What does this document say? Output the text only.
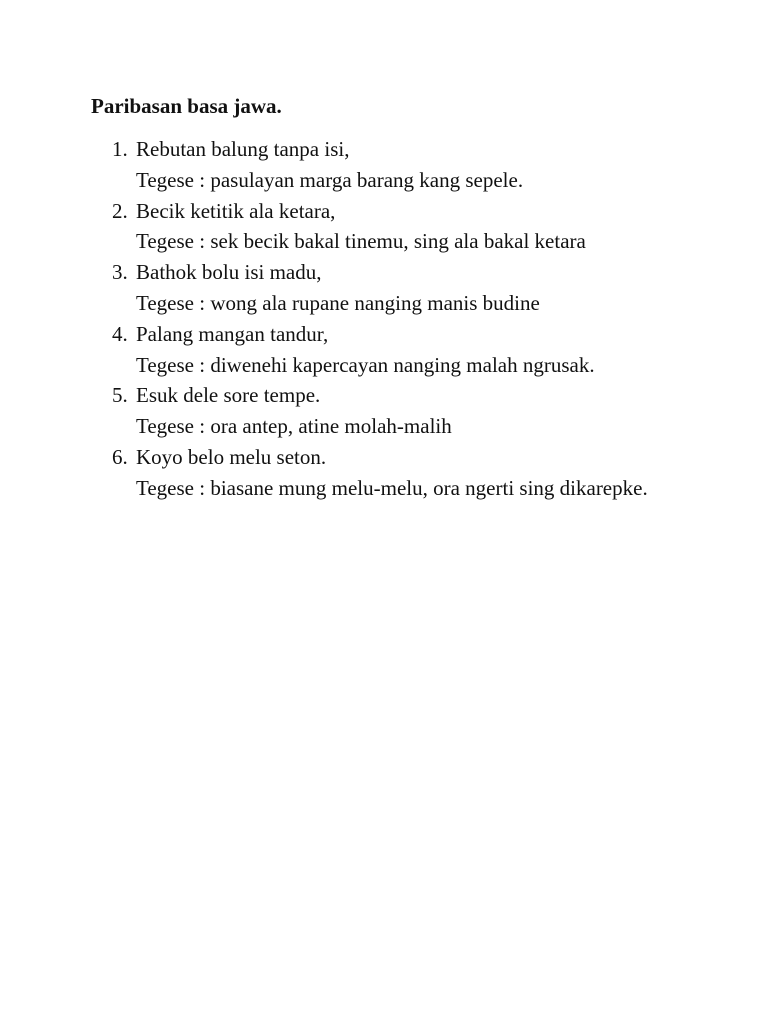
Paribasan basa jawa.
1. Rebutan balung tanpa isi,
Tegese : pasulayan marga barang kang sepele.
2. Becik ketitik ala ketara,
Tegese : sek becik bakal tinemu, sing ala bakal ketara
3. Bathok bolu isi madu,
Tegese : wong ala rupane nanging manis budine
4. Palang mangan tandur,
Tegese : diwenehi kapercayan nanging malah ngrusak.
5. Esuk dele sore tempe.
Tegese : ora antep, atine molah-malih
6. Koyo belo melu seton.
Tegese : biasane mung melu-melu, ora ngerti sing dikarepke.
